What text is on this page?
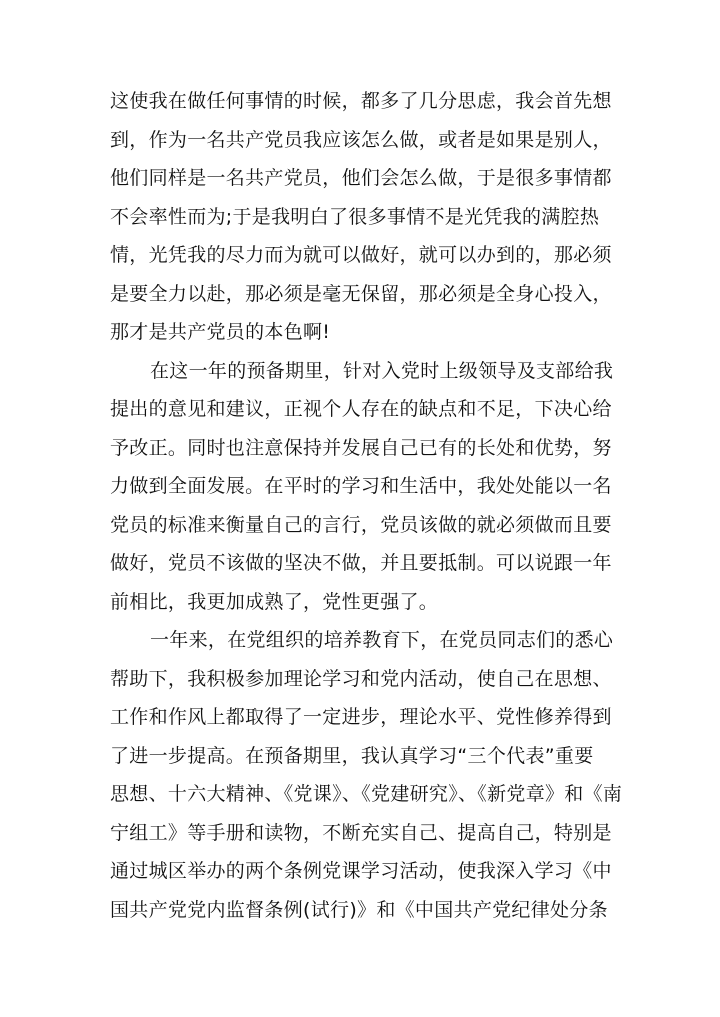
这使我在做任何事情的时候，都多了几分思虑，我会首先想
到，作为一名共产党员我应该怎么做，或者是如果是别人，
他们同样是一名共产党员，他们会怎么做，于是很多事情都
不会率性而为;于是我明白了很多事情不是光凭我的满腔热
情，光凭我的尽力而为就可以做好，就可以办到的，那必须
是要全力以赴，那必须是毫无保留，那必须是全身心投入，
那才是共产党员的本色啊!
在这一年的预备期里，针对入党时上级领导及支部给我
提出的意见和建议，正视个人存在的缺点和不足，下决心给
予改正。同时也注意保持并发展自己已有的长处和优势，努
力做到全面发展。在平时的学习和生活中，我处处能以一名
党员的标准来衡量自己的言行，党员该做的就必须做而且要
做好，党员不该做的坚决不做，并且要抵制。可以说跟一年
前相比，我更加成熟了，党性更强了。
一年来，在党组织的培养教育下，在党员同志们的悉心
帮助下，我积极参加理论学习和党内活动，使自己在思想、
工作和作风上都取得了一定进步，理论水平、党性修养得到
了进一步提高。在预备期里，我认真学习“三个代表”重要
思想、十六大精神、《党课》、《党建研究》、《新党章》和《南
宁组工》等手册和读物，不断充实自己、提高自己，特别是
通过城区举办的两个条例党课学习活动，使我深入学习《中
国共产党党内监督条例(试行)》和《中国共产党纪律处分条
